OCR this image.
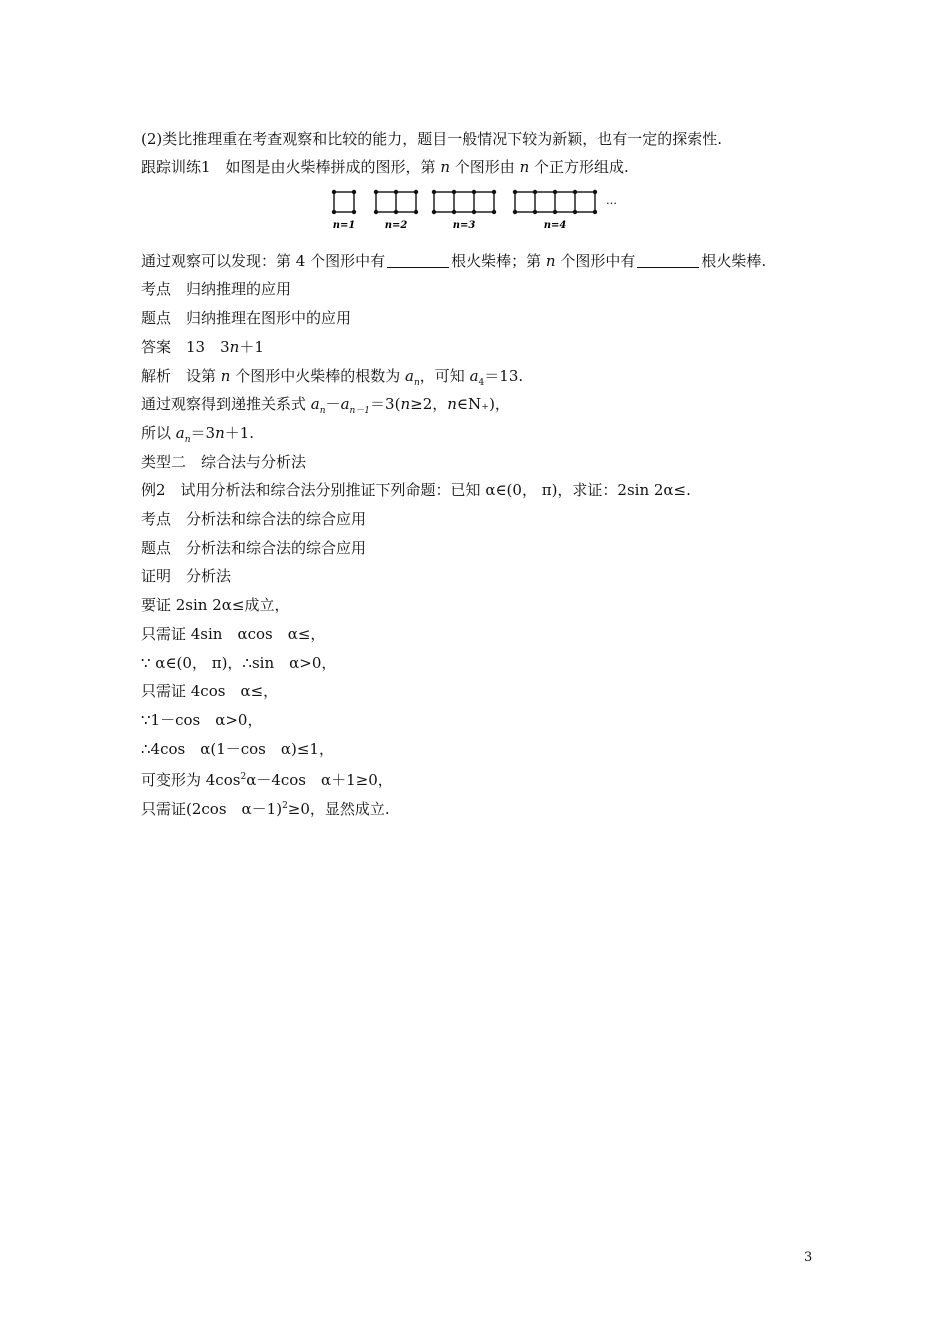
(2)类比推理重在考查观察和比较的能力，题目一般情况下较为新颖，也有一定的探索性.
跟踪训练1　如图是由火柴棒拼成的图形，第 n 个图形由 n 个正方形组成.
n=1	n=2	n=3	n=4
…
通过观察可以发现：第 4 个图形中有	根火柴棒；第 n 个图形中有	根火柴棒.
考点　归纳推理的应用
题点　归纳推理在图形中的应用
答案　13　3n＋1
解析　设第 n 个图形中火柴棒的根数为 $a_n$，可知 $a_4=13$.
通过观察得到递推关系式 $a_n-a_{n-1}=3(n\ge 2$，n∈N₊)，
所以 $a_n=3n+1$.
类型二　综合法与分析法
例2　试用分析法和综合法分别推证下列命题：已知 α∈(0， π)，求证：2sin 2α≤.
考点　分析法和综合法的综合应用
题点　分析法和综合法的综合应用
证明　分析法
要证 2sin 2α≤成立，
只需证 4sin　αcos　α≤，
∵ α∈(0， π)，∴sin　α>0，
只需证 4cos　α≤，
∵1－cos　α>0，
∴4cos　α(1－cos　α)≤1，
可变形为 $4\cos^2\alpha-4\cos$　α＋1≥0，
只需证(2cos　α－1)$^2$≥0，显然成立.
3
